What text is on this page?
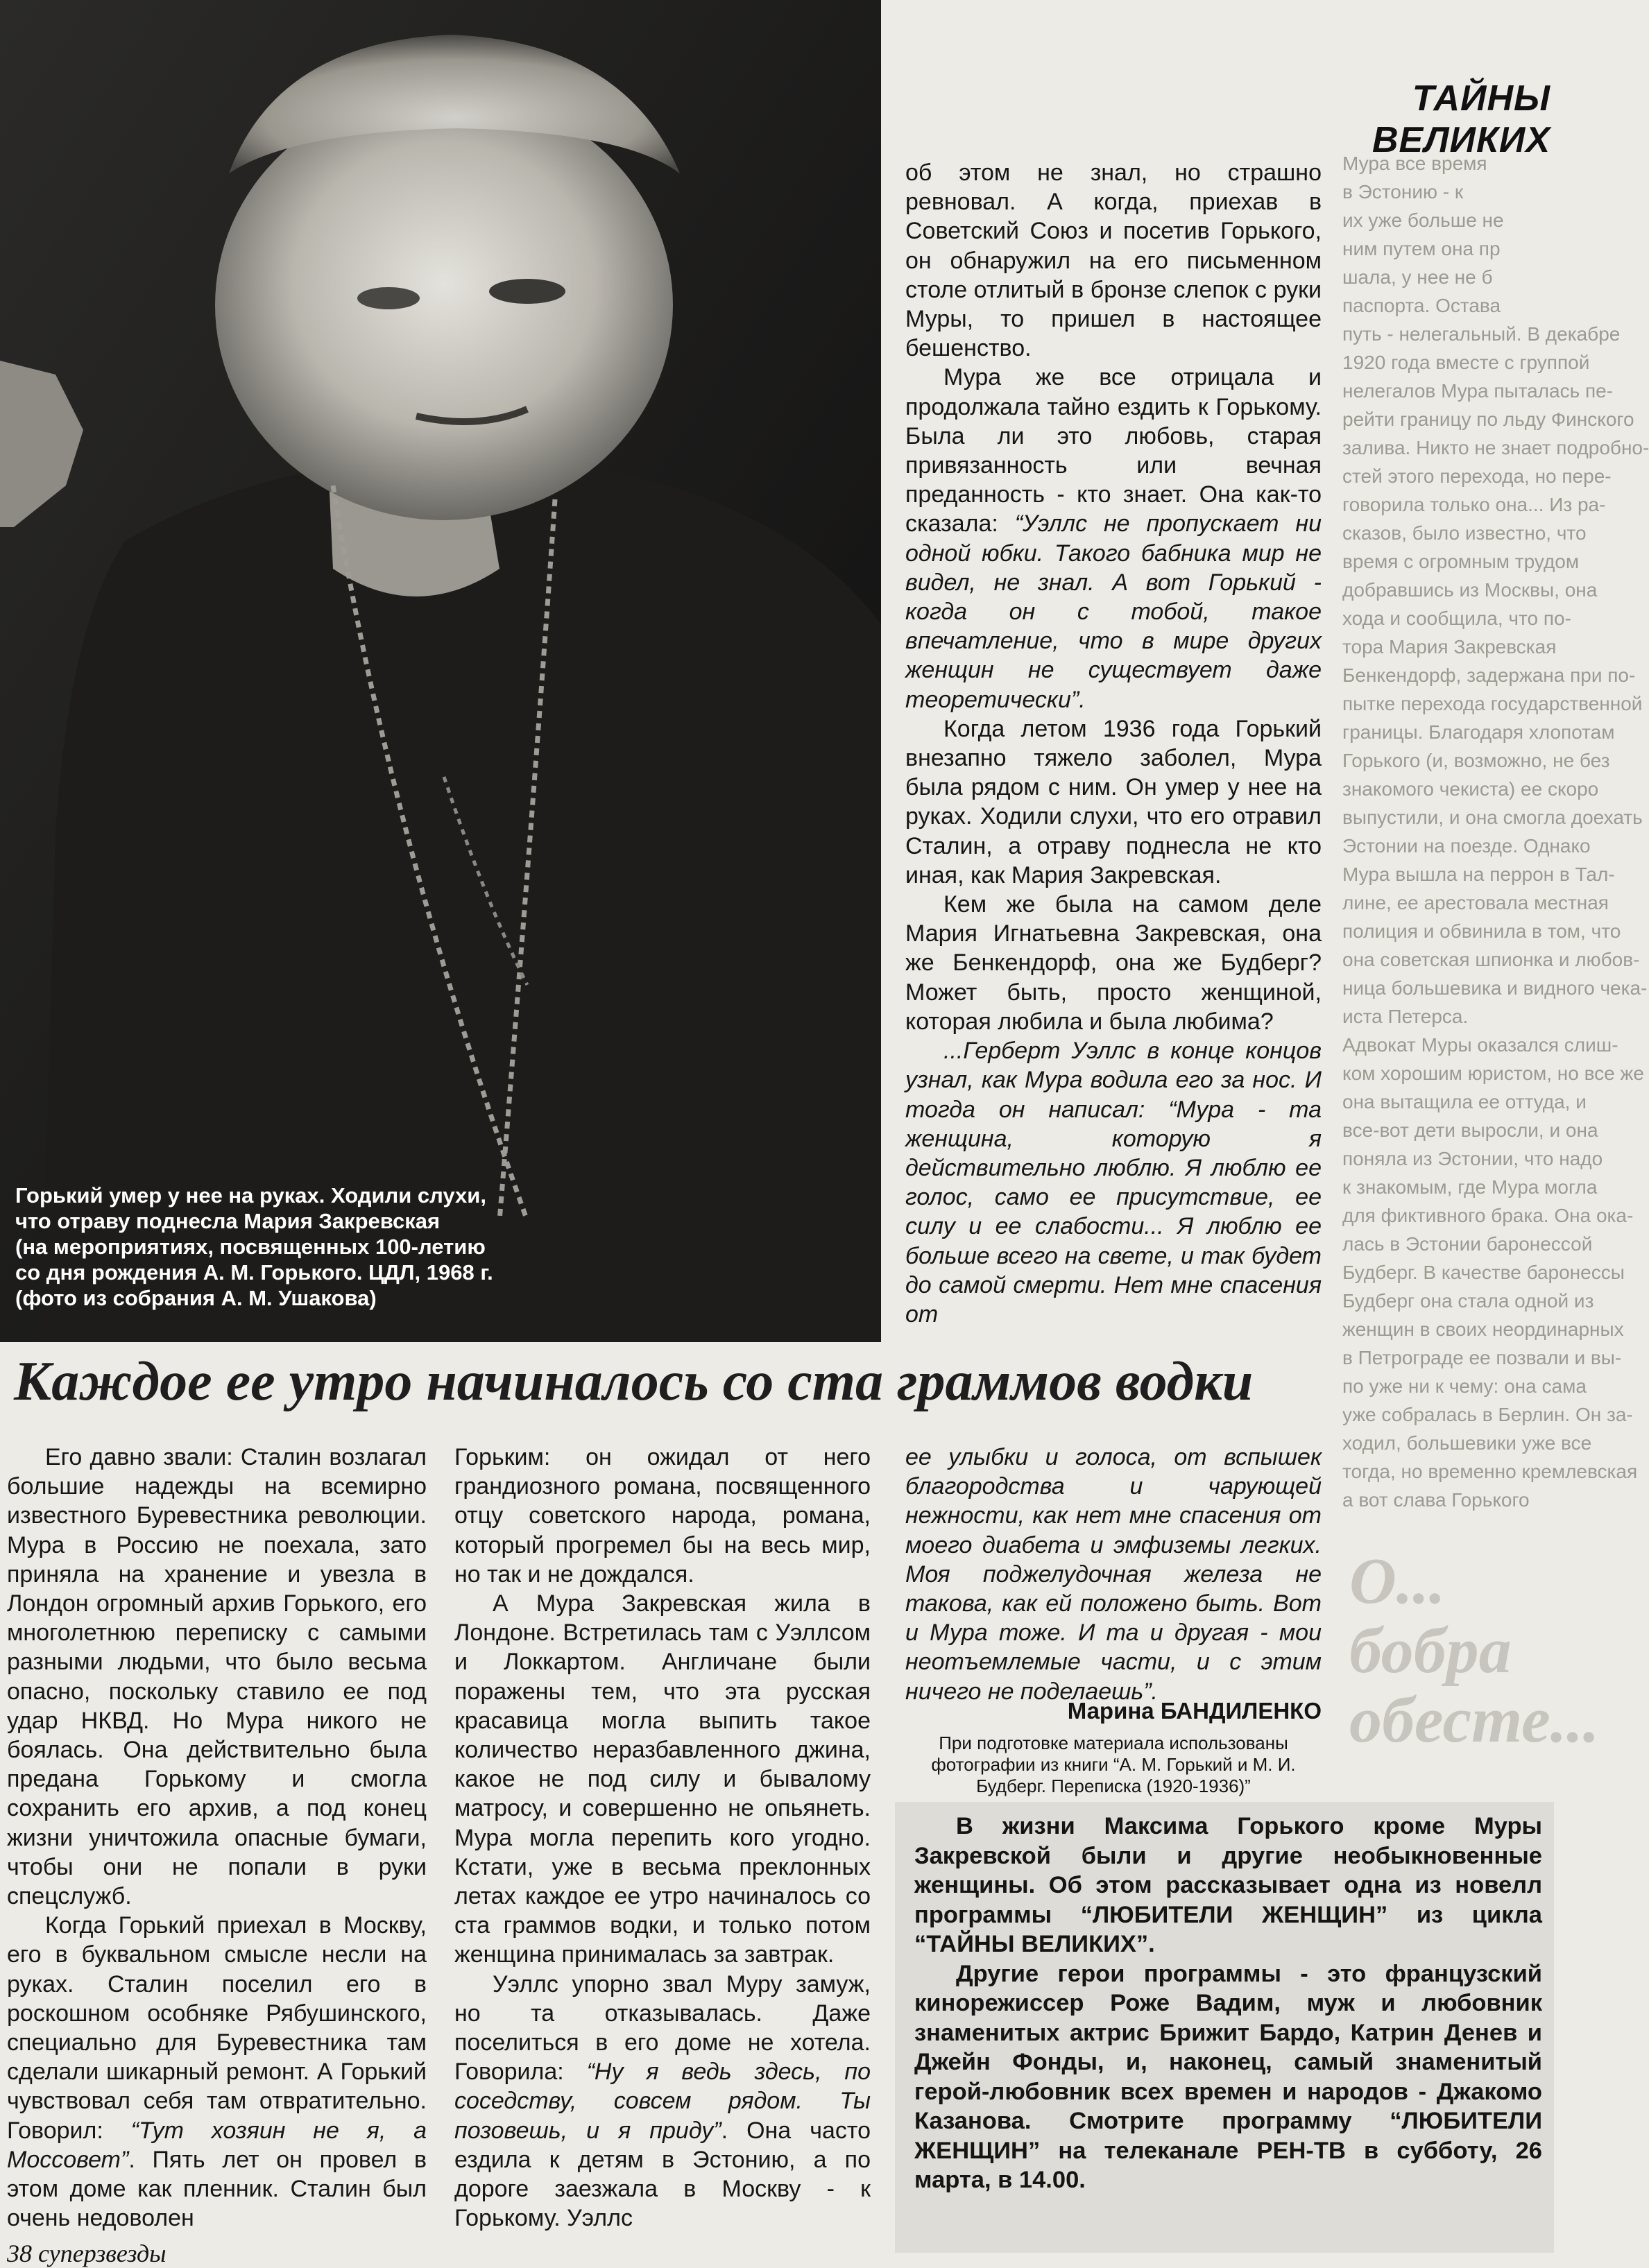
Горький умер у нее на руках. Ходили слухи,
что отраву поднесла Мария Закревская
(на мероприятиях, посвященных 100-летию
со дня рождения А. М. Горького. ЦДЛ, 1968 г.
(фото из собрания А. М. Ушакова)
ТАЙНЫ ВЕЛИКИХ
Мура все время
в Эстонию - к
их уже больше не
ним путем она пр
шала, у нее не б
паспорта. Остава
путь - нелегальный. В декабре
1920 года вместе с группой
нелегалов Мура пыталась пе-
рейти границу по льду Финского
залива. Никто не знает подробно-
стей этого перехода, но пере-
говорила только она... Из ра-
сказов, было известно, что
время с огромным трудом
добравшись из Москвы, она
хода и сообщила, что по-
тора Мария Закревская
Бенкендорф, задержана при по-
пытке перехода государственной
границы. Благодаря хлопотам
Горького (и, возможно, не без
знакомого чекиста) ее скоро
выпустили, и она смогла доехать
Эстонии на поезде. Однако
Мура вышла на перрон в Тал-
лине, ее арестовала местная
полиция и обвинила в том, что
она советская шпионка и любов-
ница большевика и видного чека-
иста Петерса.
Адвокат Муры оказался слиш-
ком хорошим юристом, но все же
она вытащила ее оттуда, и
все-вот дети выросли, и она
поняла из Эстонии, что надо
к знакомым, где Мура могла
для фиктивного брака. Она ока-
лась в Эстонии баронессой
Будберг. В качестве баронессы
Будберг она стала одной из
женщин в своих неординарных
в Петрограде ее позвали и вы-
по уже ни к чему: она сама
уже собралась в Берлин. Он за-
ходил, большевики уже все
тогда, но временно кремлевская
а вот слава Горького
О... бобра обесте...

об этом не знал, но страшно ревновал. А когда, приехав в Советский Союз и посетив Горького, он обнаружил на его письменном столе отлитый в бронзе слепок с руки Муры, то пришел в настоящее бешенство.

Мура же все отрицала и продолжала тайно ездить к Горькому. Была ли это любовь, старая привязанность или вечная преданность - кто знает. Она как-то сказала: “Уэллс не пропускает ни одной юбки. Такого бабника мир не видел, не знал. А вот Горький - когда он с тобой, такое впечатление, что в мире других женщин не существует даже теоретически”.

Когда летом 1936 года Горький внезапно тяжело заболел, Мура была рядом с ним. Он умер у нее на руках. Ходили слухи, что его отравил Сталин, а отраву поднесла не кто иная, как Мария Закревская.

Кем же была на самом деле Мария Игнатьевна Закревская, она же Бенкендорф, она же Будберг? Может быть, просто женщиной, которая любила и была любима?

...Герберт Уэллс в конце концов узнал, как Мура водила его за нос. И тогда он написал: “Мура - та женщина, которую я действительно люблю. Я люблю ее голос, само ее присутствие, ее силу и ее слабости... Я люблю ее больше всего на свете, и так будет до самой смерти. Нет мне спасения от

Каждое ее утро начиналось со ста граммов водки

Его давно звали: Сталин возлагал большие надежды на всемирно известного Буревестника революции. Мура в Россию не поехала, зато приняла на хранение и увезла в Лондон огромный архив Горького, его многолетнюю переписку с самыми разными людьми, что было весьма опасно, поскольку ставило ее под удар НКВД. Но Мура никого не боялась. Она действительно была предана Горькому и смогла сохранить его архив, а под конец жизни уничтожила опасные бумаги, чтобы они не попали в руки спецслужб.

Когда Горький приехал в Москву, его в буквальном смысле несли на руках. Сталин поселил его в роскошном особняке Рябушинского, специально для Буревестника там сделали шикарный ремонт. А Горький чувствовал себя там отвратительно. Говорил: “Тут хозяин не я, а Моссовет”. Пять лет он провел в этом доме как пленник. Сталин был очень недоволен

Горьким: он ожидал от него грандиозного романа, посвященного отцу советского народа, романа, который прогремел бы на весь мир, но так и не дождался.

А Мура Закревская жила в Лондоне. Встретилась там с Уэллсом и Локкартом. Англичане были поражены тем, что эта русская красавица могла выпить такое количество неразбавленного джина, какое не под силу и бывалому матросу, и совершенно не опьянеть. Мура могла перепить кого угодно. Кстати, уже в весьма преклонных летах каждое ее утро начиналось со ста граммов водки, и только потом женщина принималась за завтрак.

Уэллс упорно звал Муру замуж, но та отказывалась. Даже поселиться в его доме не хотела. Говорила: “Ну я ведь здесь, по соседству, совсем рядом. Ты позовешь, и я приду”. Она часто ездила к детям в Эстонию, а по дороге заезжала в Москву - к Горькому. Уэллс

ее улыбки и голоса, от вспышек благородства и чарующей нежности, как нет мне спасения от моего диабета и эмфиземы легких. Моя поджелудочная железа не такова, как ей положено быть. Вот и Мура тоже. И та и другая - мои неотъемлемые части, и с этим ничего не поделаешь”.

Марина БАНДИЛЕНКО
При подготовке материала использованы фотографии из книги “А. М. Горький и М. И. Будберг. Переписка (1920-1936)”

В жизни Максима Горького кроме Муры Закревской были и другие необыкновенные женщины. Об этом рассказывает одна из новелл программы “ЛЮБИТЕЛИ ЖЕНЩИН” из цикла “ТАЙНЫ ВЕЛИКИХ”.

Другие герои программы - это французский кинорежиссер Роже Вадим, муж и любовник знаменитых актрис Брижит Бардо, Катрин Денев и Джейн Фонды, и, наконец, самый знаменитый герой-любовник всех времен и народов - Джакомо Казанова. Смотрите программу “ЛЮБИТЕЛИ ЖЕНЩИН” на телеканале РЕН-ТВ в субботу, 26 марта, в 14.00.

38 суперзвезды
